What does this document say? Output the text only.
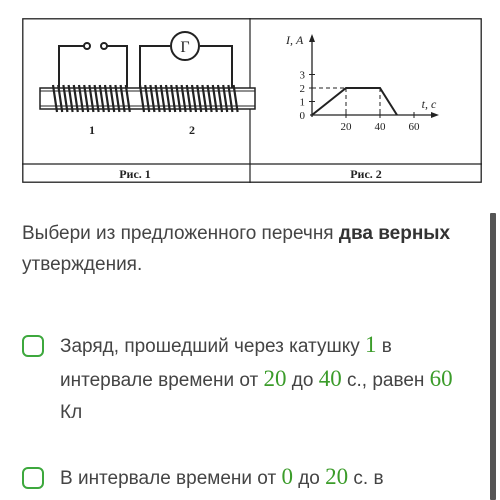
Г
1	2
0
1
2
3
20 40 60
I, А
t, с
Рис. 1	Рис. 2
Выбери из предложенного перечня два верных утверждения.
Заряд, прошедший через катушку 1 в интервале времени от 20 до 40 с., равен 60 Кл
В интервале времени от 0 до 20 с. в
